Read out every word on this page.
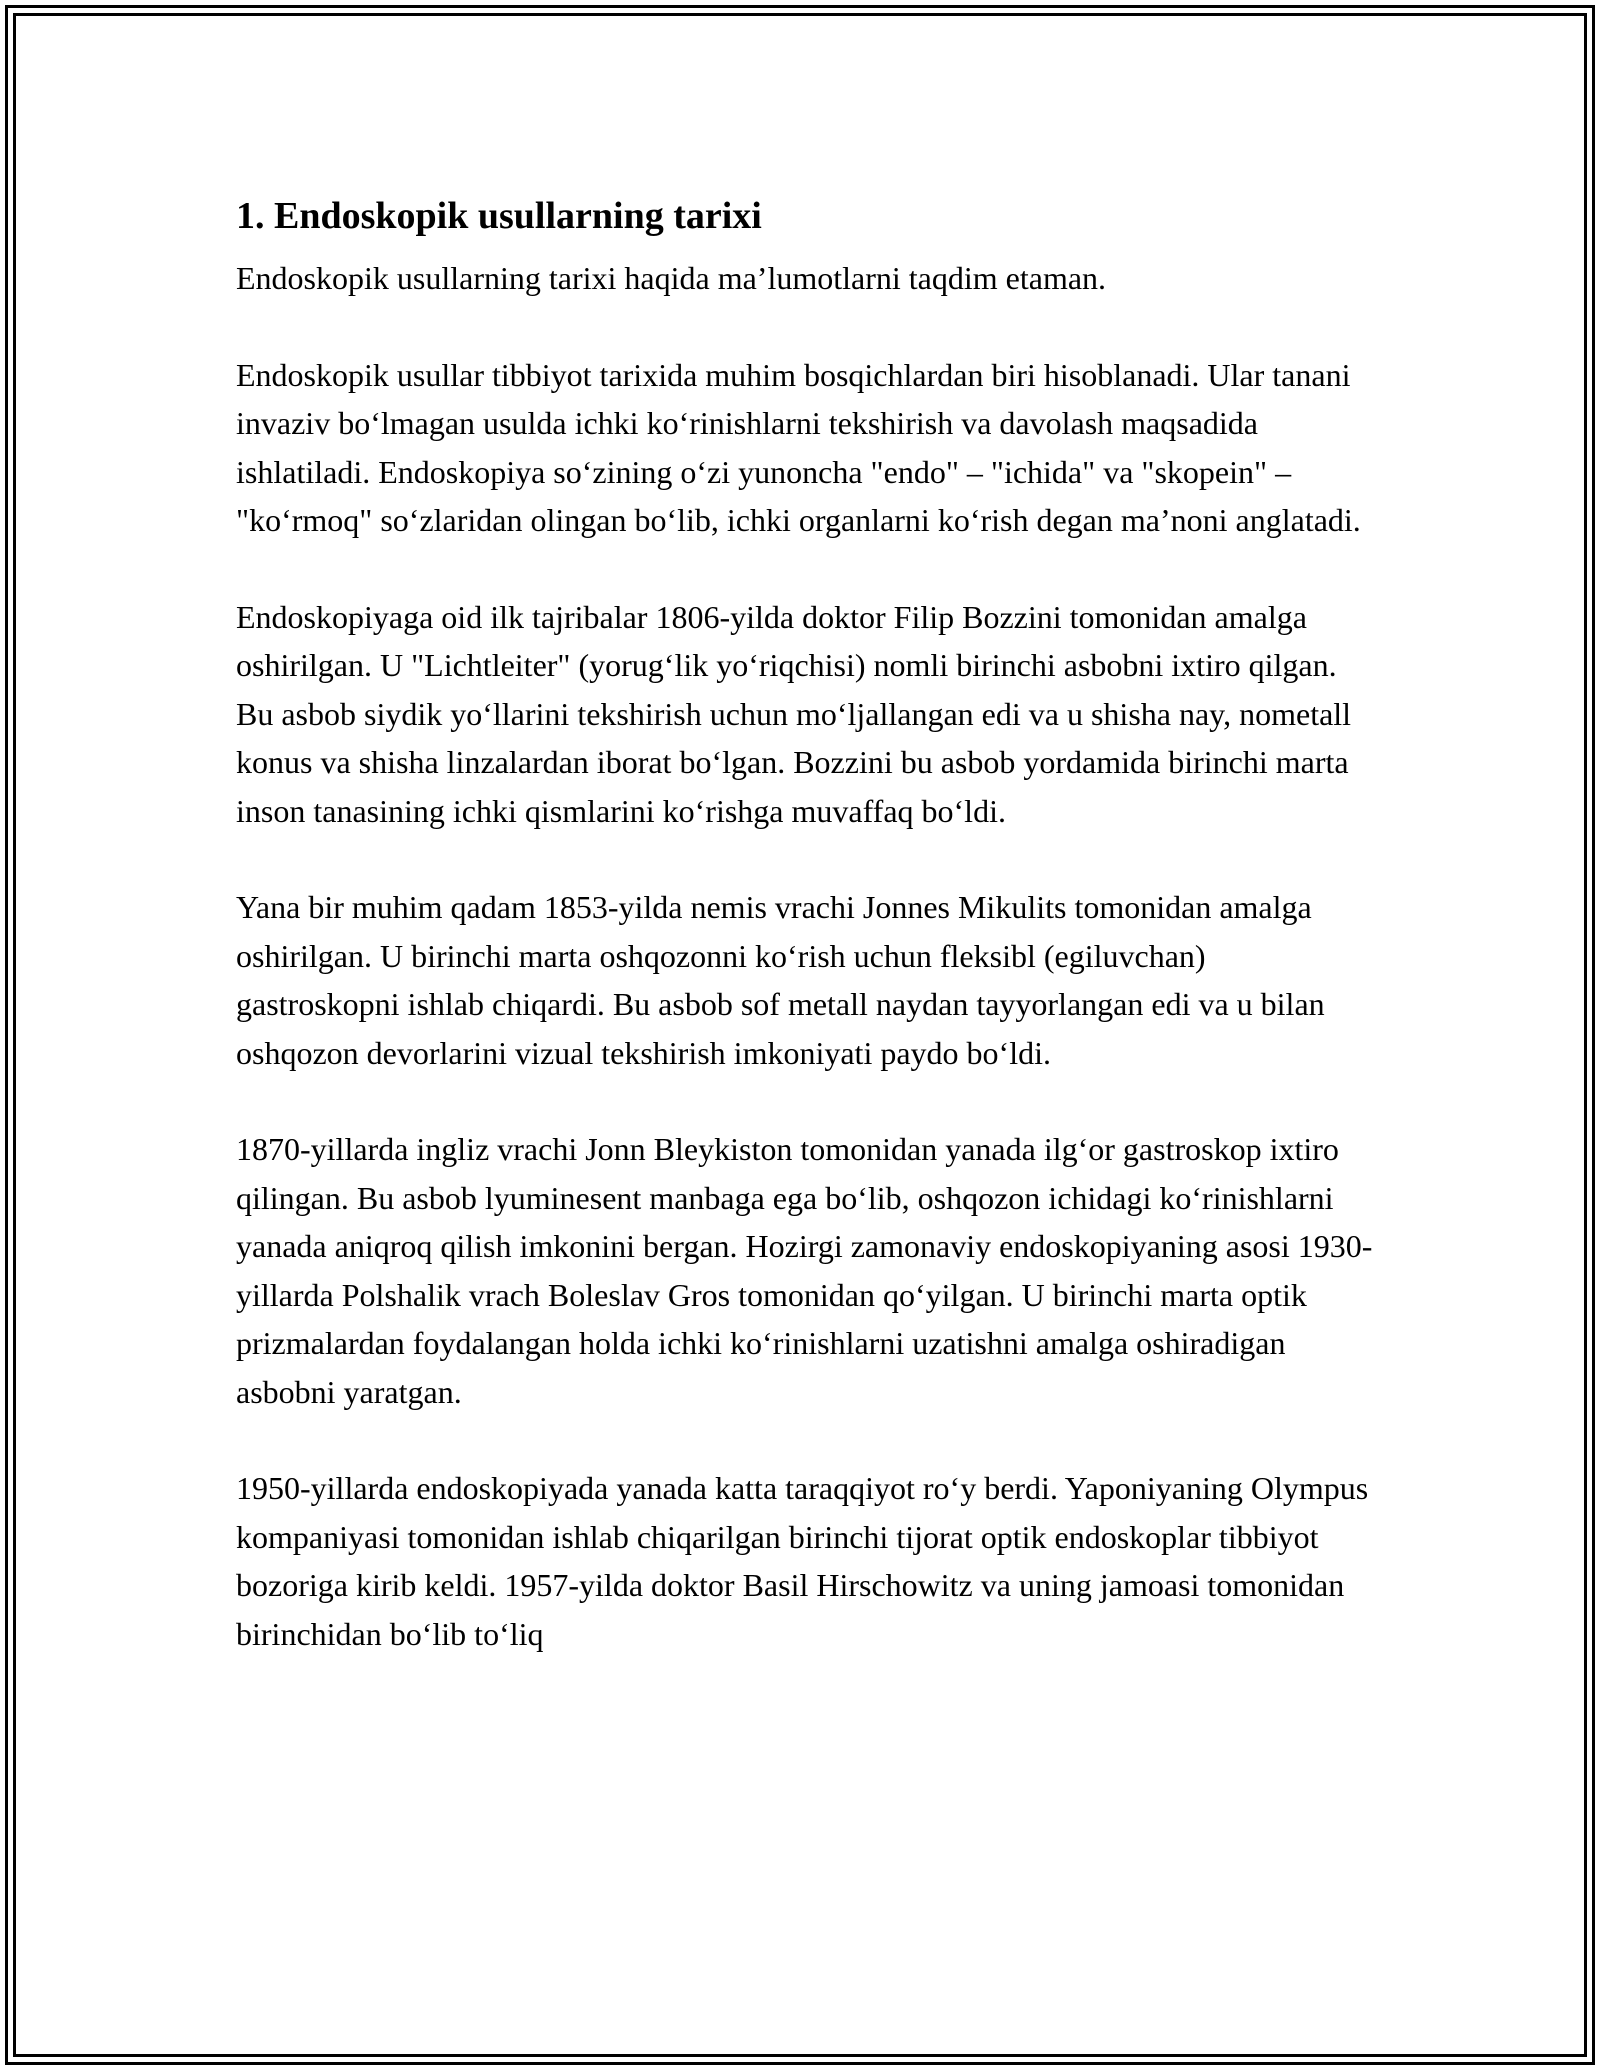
1. Endoskopik usullarning tarixi

Endoskopik usullarning tarixi haqida ma’lumotlarni taqdim etaman.

Endoskopik usullar tibbiyot tarixida muhim bosqichlardan biri hisoblanadi. Ular tanani invaziv bo‘lmagan usulda ichki ko‘rinishlarni tekshirish va davolash maqsadida ishlatiladi. Endoskopiya so‘zining o‘zi yunoncha "endo" – "ichida" va "skopein" – "ko‘rmoq" so‘zlaridan olingan bo‘lib, ichki organlarni ko‘rish degan ma’noni anglatadi.

Endoskopiyaga oid ilk tajribalar 1806-yilda doktor Filip Bozzini tomonidan amalga oshirilgan. U "Lichtleiter" (yorug‘lik yo‘riqchisi) nomli birinchi asbobni ixtiro qilgan. Bu asbob siydik yo‘llarini tekshirish uchun mo‘ljallangan edi va u shisha nay, nometall konus va shisha linzalardan iborat bo‘lgan. Bozzini bu asbob yordamida birinchi marta inson tanasining ichki qismlarini ko‘rishga muvaffaq bo‘ldi.

Yana bir muhim qadam 1853-yilda nemis vrachi Jonnes Mikulits tomonidan amalga oshirilgan. U birinchi marta oshqozonni ko‘rish uchun fleksibl (egiluvchan) gastroskopni ishlab chiqardi. Bu asbob sof metall naydan tayyorlangan edi va u bilan oshqozon devorlarini vizual tekshirish imkoniyati paydo bo‘ldi.

1870-yillarda ingliz vrachi Jonn Bleykiston tomonidan yanada ilg‘or gastroskop ixtiro qilingan. Bu asbob lyuminesent manbaga ega bo‘lib, oshqozon ichidagi ko‘rinishlarni yanada aniqroq qilish imkonini bergan. Hozirgi zamonaviy endoskopiyaning asosi 1930-yillarda Polshalik vrach Boleslav Gros tomonidan qo‘yilgan. U birinchi marta optik prizmalardan foydalangan holda ichki ko‘rinishlarni uzatishni amalga oshiradigan asbobni yaratgan.

1950-yillarda endoskopiyada yanada katta taraqqiyot ro‘y berdi. Yaponiyaning Olympus kompaniyasi tomonidan ishlab chiqarilgan birinchi tijorat optik endoskoplar tibbiyot bozoriga kirib keldi. 1957-yilda doktor Basil Hirschowitz va uning jamoasi tomonidan birinchidan bo‘lib to‘liq
